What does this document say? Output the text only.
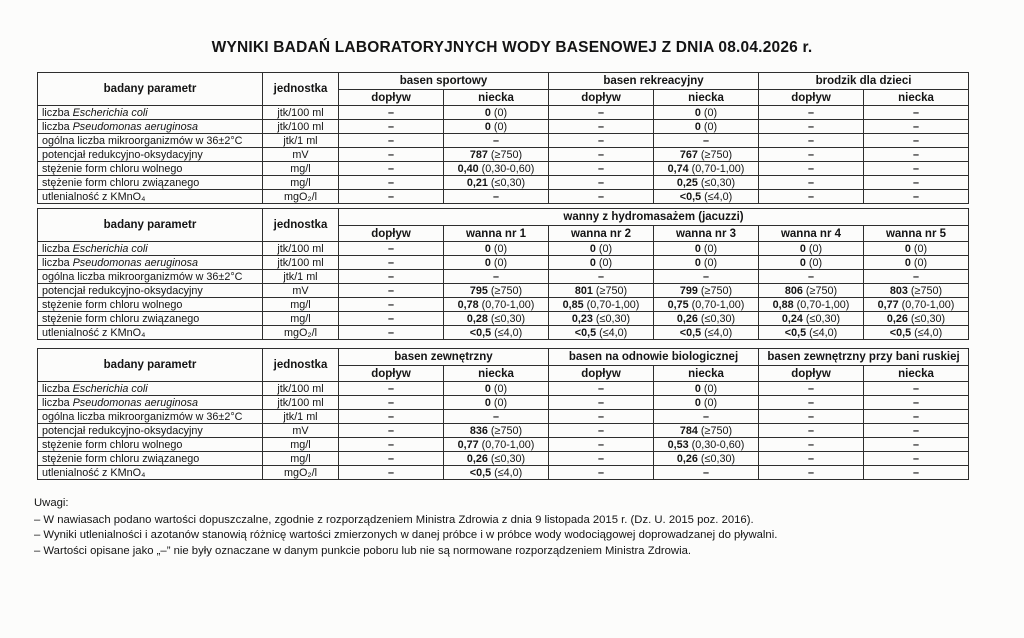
WYNIKI BADAŃ LABORATORYJNYCH WODY BASENOWEJ Z DNIA 08.04.2026 r.
badany parametr	jednostka	basen sportowy		basen rekreacyjny		brodzik dla dzieci	
		dopływ	niecka	dopływ	niecka	dopływ	niecka
liczba Escherichia coli	jtk/100 ml	–	0 (0)	–	0 (0)	–	–
liczba Pseudomonas aeruginosa	jtk/100 ml	–	0 (0)	–	0 (0)	–	–
ogólna liczba mikroorganizmów w 36±2°C	jtk/1 ml	–	–	–	–	–	–
potencjał redukcyjno-oksydacyjny	mV	–	787 (≥750)	–	767 (≥750)	–	–
stężenie form chloru wolnego	mg/l	–	0,40 (0,30-0,60)	–	0,74 (0,70-1,00)	–	–
stężenie form chloru związanego	mg/l	–	0,21 (≤0,30)	–	0,25 (≤0,30)	–	–
utlenialność z KMnO₄	mgO₂/l	–	–	–	<0,5 (≤4,0)	–	–
badany parametr	jednostka	wanny z hydromasażem (jacuzzi)					
		dopływ	wanna nr 1	wanna nr 2	wanna nr 3	wanna nr 4	wanna nr 5
liczba Escherichia coli	jtk/100 ml	–	0 (0)	0 (0)	0 (0)	0 (0)	0 (0)
liczba Pseudomonas aeruginosa	jtk/100 ml	–	0 (0)	0 (0)	0 (0)	0 (0)	0 (0)
ogólna liczba mikroorganizmów w 36±2°C	jtk/1 ml	–	–	–	–	–	–
potencjał redukcyjno-oksydacyjny	mV	–	795 (≥750)	801 (≥750)	799 (≥750)	806 (≥750)	803 (≥750)
stężenie form chloru wolnego	mg/l	–	0,78 (0,70-1,00)	0,85 (0,70-1,00)	0,75 (0,70-1,00)	0,88 (0,70-1,00)	0,77 (0,70-1,00)
stężenie form chloru związanego	mg/l	–	0,28 (≤0,30)	0,23 (≤0,30)	0,26 (≤0,30)	0,24 (≤0,30)	0,26 (≤0,30)
utlenialność z KMnO₄	mgO₂/l	–	<0,5 (≤4,0)	<0,5 (≤4,0)	<0,5 (≤4,0)	<0,5 (≤4,0)	<0,5 (≤4,0)
badany parametr	jednostka	basen zewnętrzny		basen na odnowie biologicznej		basen zewnętrzny przy bani ruskiej	
		dopływ	niecka	dopływ	niecka	dopływ	niecka
liczba Escherichia coli	jtk/100 ml	–	0 (0)	–	0 (0)	–	–
liczba Pseudomonas aeruginosa	jtk/100 ml	–	0 (0)	–	0 (0)	–	–
ogólna liczba mikroorganizmów w 36±2°C	jtk/1 ml	–	–	–	–	–	–
potencjał redukcyjno-oksydacyjny	mV	–	836 (≥750)	–	784 (≥750)	–	–
stężenie form chloru wolnego	mg/l	–	0,77 (0,70-1,00)	–	0,53 (0,30-0,60)	–	–
stężenie form chloru związanego	mg/l	–	0,26 (≤0,30)	–	0,26 (≤0,30)	–	–
utlenialność z KMnO₄	mgO₂/l	–	<0,5 (≤4,0)	–	–	–	–
Uwagi:
– W nawiasach podano wartości dopuszczalne, zgodnie z rozporządzeniem Ministra Zdrowia z dnia 9 listopada 2015 r. (Dz. U. 2015 poz. 2016).
– Wyniki utlenialności i azotanów stanowią różnicę wartości zmierzonych w danej próbce i w próbce wody wodociągowej doprowadzanej do pływalni.
– Wartości opisane jako „–” nie były oznaczane w danym punkcie poboru lub nie są normowane rozporządzeniem Ministra Zdrowia.
